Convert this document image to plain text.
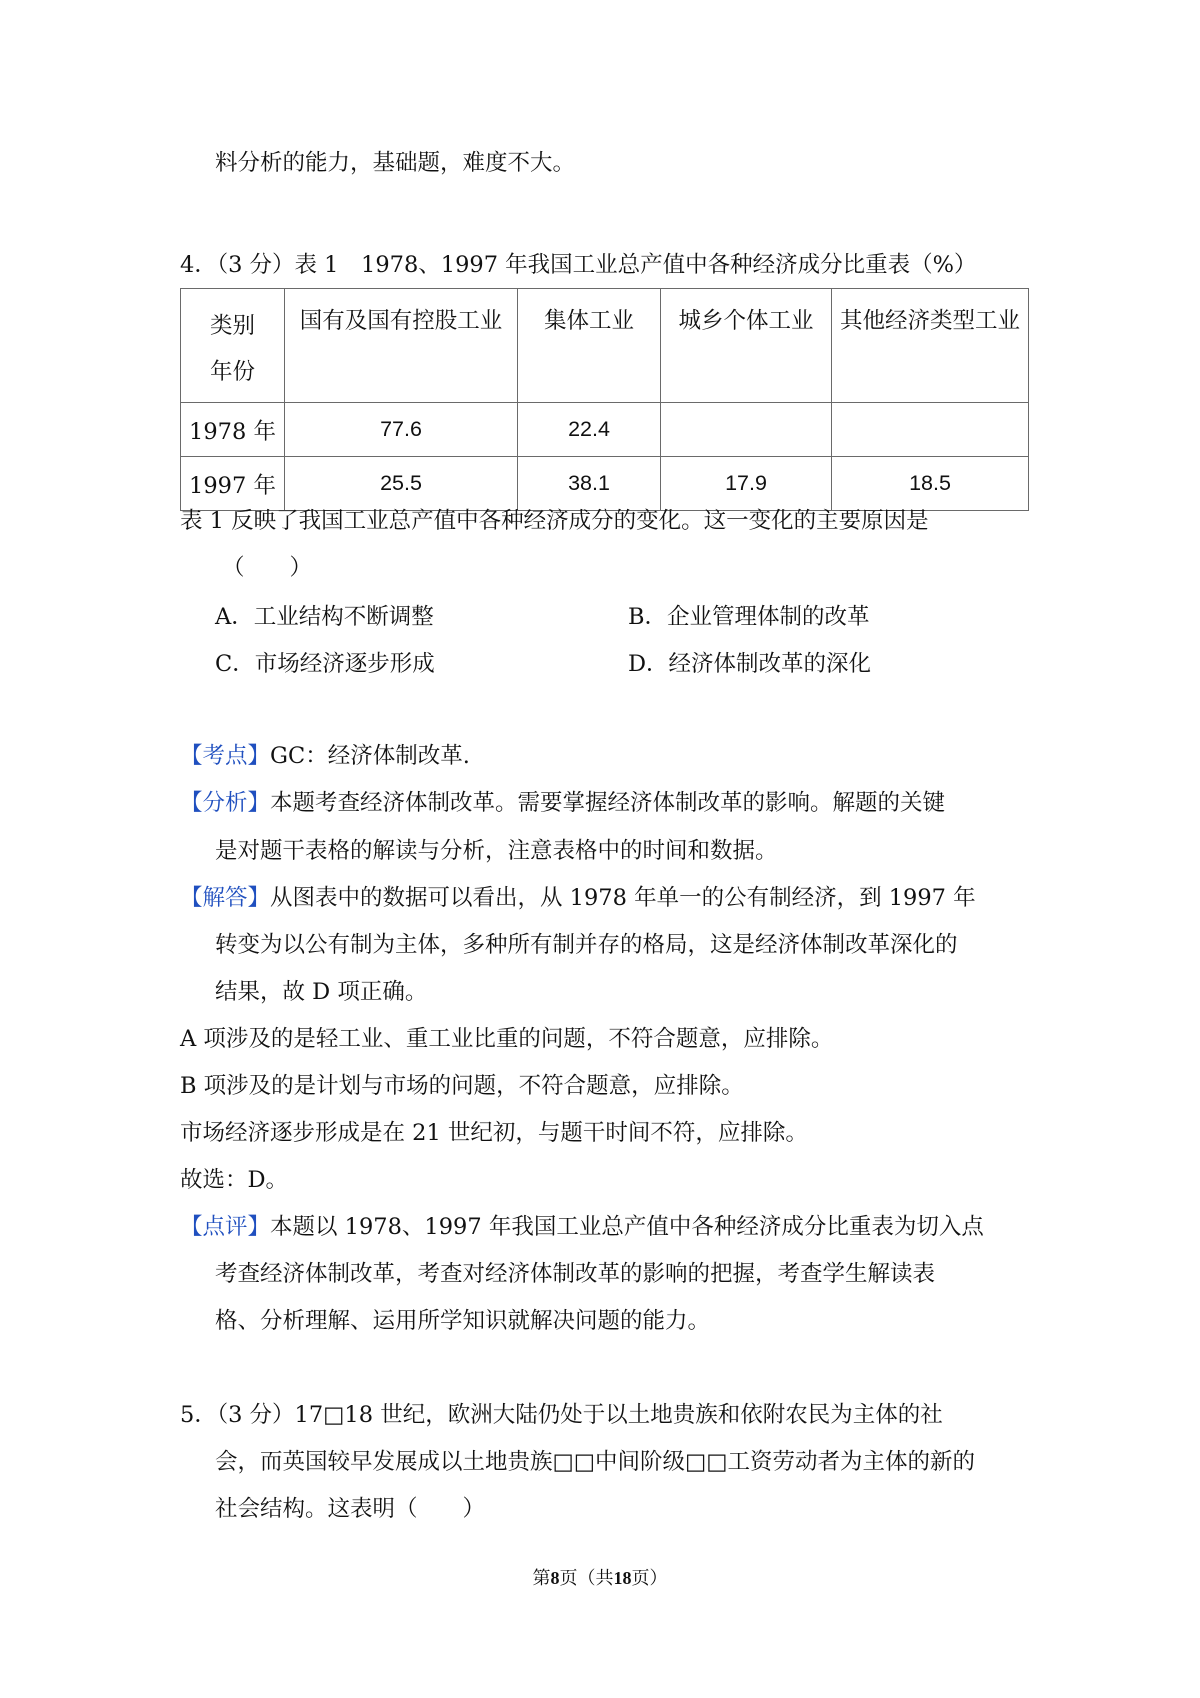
料分析的能力，基础题，难度不大。
4．（3 分）表 1　1978、1997 年我国工业总产值中各种经济成分比重表（%）
类别
年份	国有及国有控股工业	集体工业	城乡个体工业	其他经济类型工业
1978 年	77.6	22.4		
1997 年	25.5	38.1	17.9	18.5
表 1 反映了我国工业总产值中各种经济成分的变化。这一变化的主要原因是
（　　）
A．工业结构不断调整	B．企业管理体制的改革
C．市场经济逐步形成	D．经济体制改革的深化
【考点】GC：经济体制改革.
【分析】本题考查经济体制改革。需要掌握经济体制改革的影响。解题的关键
是对题干表格的解读与分析，注意表格中的时间和数据。
【解答】从图表中的数据可以看出，从 1978 年单一的公有制经济，到 1997 年
转变为以公有制为主体，多种所有制并存的格局，这是经济体制改革深化的
结果，故 D 项正确。
A 项涉及的是轻工业、重工业比重的问题，不符合题意，应排除。
B 项涉及的是计划与市场的问题，不符合题意，应排除。
市场经济逐步形成是在 21 世纪初，与题干时间不符，应排除。
故选：D。
【点评】本题以 1978、1997 年我国工业总产值中各种经济成分比重表为切入点
考查经济体制改革，考查对经济体制改革的影响的把握，考查学生解读表
格、分析理解、运用所学知识就解决问题的能力。
5．（3 分）17□18 世纪，欧洲大陆仍处于以土地贵族和依附农民为主体的社
会，而英国较早发展成以土地贵族□□中间阶级□□工资劳动者为主体的新的
社会结构。这表明（　　）
第8页（共18页）
